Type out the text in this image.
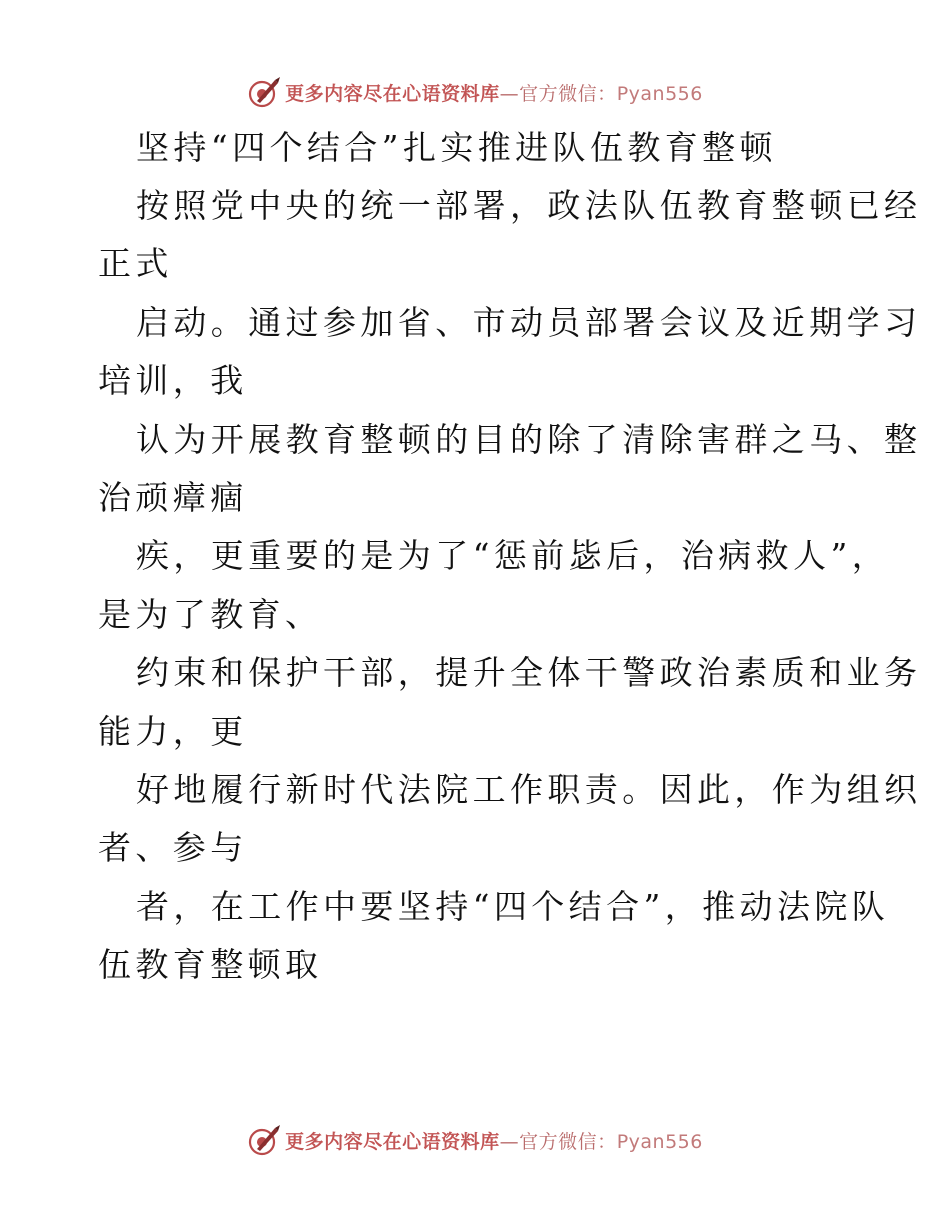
更多内容尽在心语资料库—官方微信：Pyan556
坚持“四个结合”扎实推进队伍教育整顿
按照党中央的统一部署，政法队伍教育整顿已经
正式
启动。通过参加省、市动员部署会议及近期学习
培训，我
认为开展教育整顿的目的除了清除害群之马、整
治顽瘴痼
疾，更重要的是为了“惩前毖后，治病救人”，
是为了教育、
约束和保护干部，提升全体干警政治素质和业务
能力，更
好地履行新时代法院工作职责。因此，作为组织
者、参与
者，在工作中要坚持“四个结合”，推动法院队
伍教育整顿取
更多内容尽在心语资料库—官方微信：Pyan556
